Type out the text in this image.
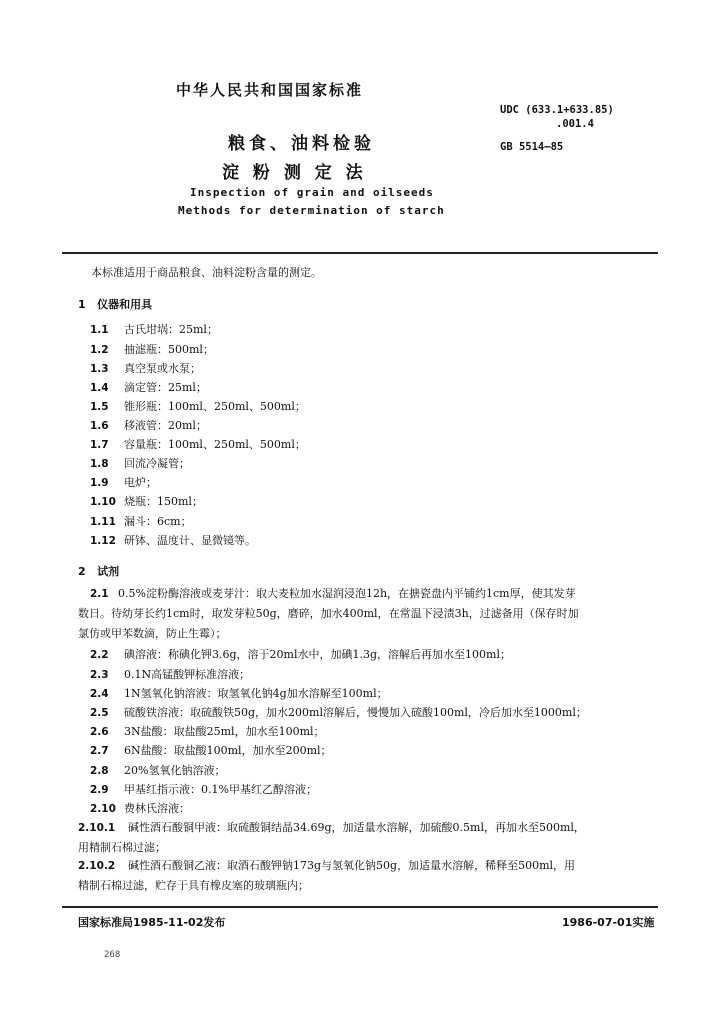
中华人民共和国国家标准
UDC (633.1+633.85)
.001.4
GB 5514—85
粮食、油料检验
淀 粉 测 定 法
Inspection of grain and oilseeds
Methods for determination of starch
本标准适用于商品粮食、油料淀粉含量的测定。
1 仪器和用具
1.1 古氏坩埚：25ml；
1.2 抽滤瓶：500ml；
1.3 真空泵或水泵；
1.4 滴定管：25ml；
1.5 锥形瓶：100ml、250ml、500ml；
1.6 移液管：20ml；
1.7 容量瓶：100ml、250ml、500ml；
1.8 回流冷凝管；
1.9 电炉；
1.10 烧瓶：150ml；
1.11 漏斗：6cm；
1.12 研钵、温度计、显微镜等。
2 试剂
2.1 0.5%淀粉酶溶液或麦芽汁：取大麦粒加水湿润浸泡12h，在搪瓷盘内平铺约1cm厚，使其发芽
数日。待幼芽长约1cm时，取发芽粒50g，磨碎，加水400ml，在常温下浸渍3h，过滤备用（保存时加
氯仿或甲苯数滴，防止生霉）；
2.2 碘溶液：称碘化钾3.6g，溶于20ml水中，加碘1.3g，溶解后再加水至100ml；
2.3 0.1N高锰酸钾标准溶液；
2.4 1N氢氧化钠溶液：取氢氧化钠4g加水溶解至100ml；
2.5 硫酸铁溶液：取硫酸铁50g，加水200ml溶解后，慢慢加入硫酸100ml，冷后加水至1000ml；
2.6 3N盐酸：取盐酸25ml，加水至100ml；
2.7 6N盐酸：取盐酸100ml，加水至200ml；
2.8 20%氢氧化钠溶液；
2.9 甲基红指示液：0.1%甲基红乙醇溶液；
2.10 费林氏溶液：
2.10.1 碱性酒石酸铜甲液：取硫酸铜结晶34.69g，加适量水溶解，加硫酸0.5ml，再加水至500ml，
用精制石棉过滤；
2.10.2 碱性酒石酸铜乙液：取酒石酸钾钠173g与氢氧化钠50g，加适量水溶解，稀释至500ml，用
精制石棉过滤，贮存于具有橡皮塞的玻璃瓶内；
国家标准局1985-11-02发布	1986-07-01实施
268
